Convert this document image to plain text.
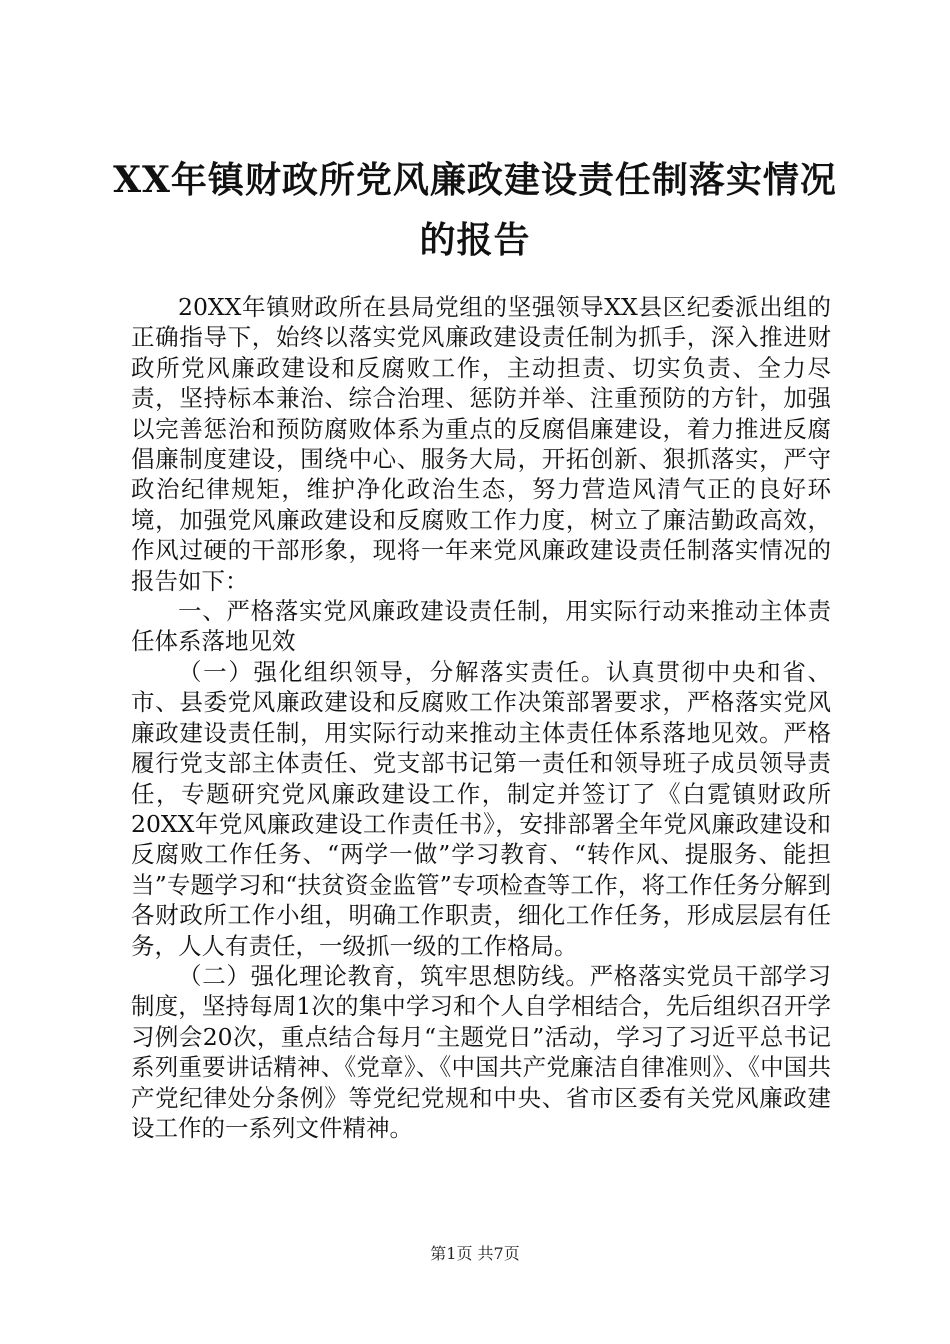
XX年镇财政所党风廉政建设责任制落实情况
的报告

20XX年镇财政所在县局党组的坚强领导XX县区纪委派出组的正确指导下，始终以落实党风廉政建设责任制为抓手，深入推进财政所党风廉政建设和反腐败工作，主动担责、切实负责、全力尽责，坚持标本兼治、综合治理、惩防并举、注重预防的方针，加强以完善惩治和预防腐败体系为重点的反腐倡廉建设，着力推进反腐倡廉制度建设，围绕中心、服务大局，开拓创新、狠抓落实，严守政治纪律规矩，维护净化政治生态，努力营造风清气正的良好环境，加强党风廉政建设和反腐败工作力度，树立了廉洁勤政高效，作风过硬的干部形象，现将一年来党风廉政建设责任制落实情况的报告如下：

一、严格落实党风廉政建设责任制，用实际行动来推动主体责任体系落地见效

（一）强化组织领导，分解落实责任。认真贯彻中央和省、市、县委党风廉政建设和反腐败工作决策部署要求，严格落实党风廉政建设责任制，用实际行动来推动主体责任体系落地见效。严格履行党支部主体责任、党支部书记第一责任和领导班子成员领导责任，专题研究党风廉政建设工作，制定并签订了《白霓镇财政所20XX年党风廉政建设工作责任书》，安排部署全年党风廉政建设和反腐败工作任务、“两学一做”学习教育、“转作风、提服务、能担当”专题学习和“扶贫资金监管”专项检查等工作，将工作任务分解到各财政所工作小组，明确工作职责，细化工作任务，形成层层有任务，人人有责任，一级抓一级的工作格局。

（二）强化理论教育，筑牢思想防线。严格落实党员干部学习制度，坚持每周1次的集中学习和个人自学相结合，先后组织召开学习例会20次，重点结合每月“主题党日”活动，学习了习近平总书记系列重要讲话精神、《党章》、《中国共产党廉洁自律准则》、《中国共产党纪律处分条例》等党纪党规和中央、省市区委有关党风廉政建设工作的一系列文件精神。

第1页 共7页
